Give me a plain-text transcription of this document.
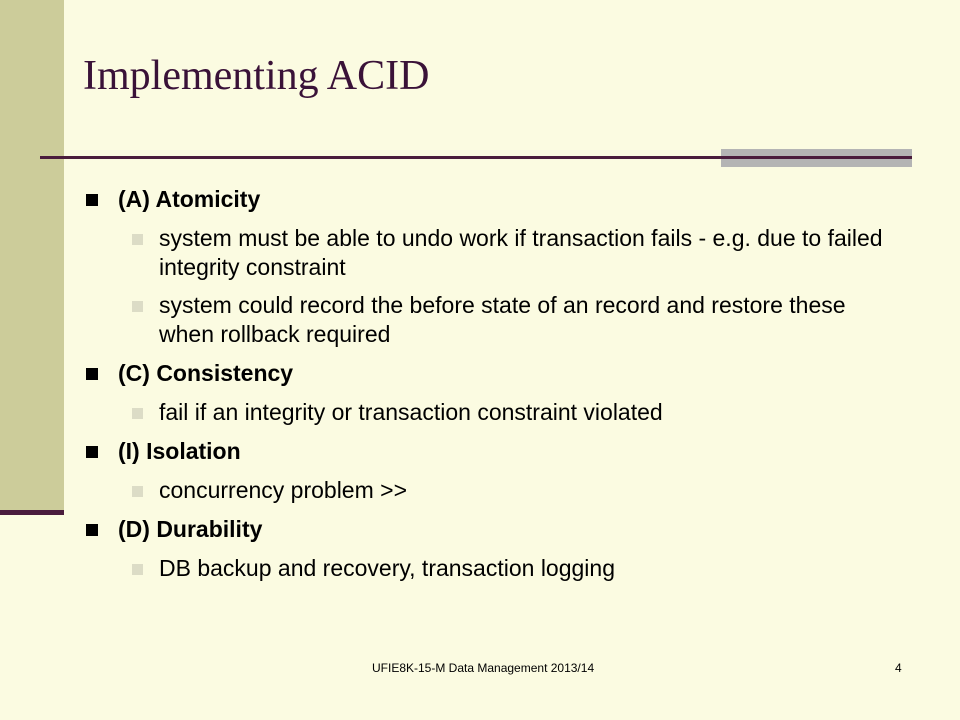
Implementing ACID
(A) Atomicity
system must be able to undo work if transaction fails - e.g. due to failed integrity constraint
system could record the before state of an record and restore these when rollback required
(C) Consistency
fail if an integrity or transaction constraint violated
(I) Isolation
concurrency problem >>
(D) Durability
DB backup and recovery, transaction logging
UFIE8K-15-M Data Management 2013/14	4
